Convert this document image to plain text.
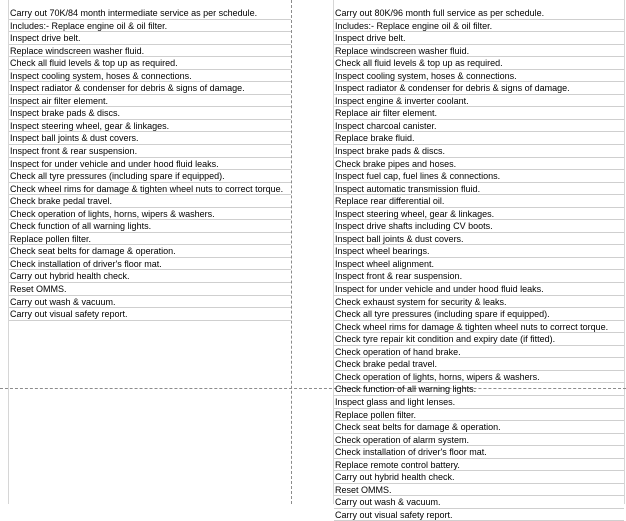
Carry out 70K/84 month intermediate service as per schedule.
Includes:- Replace engine oil & oil filter.
Inspect drive belt.
Replace windscreen washer fluid.
Check all fluid levels & top up as required.
Inspect cooling system, hoses & connections.
Inspect radiator & condenser for debris & signs of damage.
Inspect air filter element.
Inspect brake pads & discs.
Inspect steering wheel, gear & linkages.
Inspect ball joints & dust covers.
Inspect front & rear suspension.
Inspect for under vehicle and under hood fluid leaks.
Check all tyre pressures (including spare if equipped).
Check wheel rims for damage & tighten wheel nuts to correct torque.
Check brake pedal travel.
Check operation of lights, horns, wipers & washers.
Check function of all warning lights.
Replace pollen filter.
Check seat belts for damage & operation.
Check installation of driver's floor mat.
Carry out hybrid health check.
Reset OMMS.
Carry out wash & vacuum.
Carry out visual safety report.
Carry out 80K/96 month full service as per schedule.
Includes:- Replace engine oil & oil filter.
Inspect drive belt.
Replace windscreen washer fluid.
Check all fluid levels & top up as required.
Inspect cooling system, hoses & connections.
Inspect radiator & condenser for debris & signs of damage.
Inspect engine & inverter coolant.
Replace air filter element.
Inspect charcoal canister.
Replace brake fluid.
Inspect brake pads & discs.
Check brake pipes and hoses.
Inspect fuel cap, fuel lines & connections.
Inspect automatic transmission fluid.
Replace rear differential oil.
Inspect steering wheel, gear & linkages.
Inspect drive shafts including CV boots.
Inspect ball joints & dust covers.
Inspect wheel bearings.
Inspect wheel alignment.
Inspect front & rear suspension.
Inspect for under vehicle and under hood fluid leaks.
Check exhaust system for security & leaks.
Check all tyre pressures (including spare if equipped).
Check wheel rims for damage & tighten wheel nuts to correct torque.
Check tyre repair kit condition and expiry date (if fitted).
Check operation of hand brake.
Check brake pedal travel.
Check operation of lights, horns, wipers & washers.
Check function of all warning lights.
Inspect glass and light lenses.
Replace pollen filter.
Check seat belts for damage & operation.
Check operation of alarm system.
Check installation of driver's floor mat.
Replace remote control battery.
Carry out hybrid health check.
Reset OMMS.
Carry out wash & vacuum.
Carry out visual safety report.
